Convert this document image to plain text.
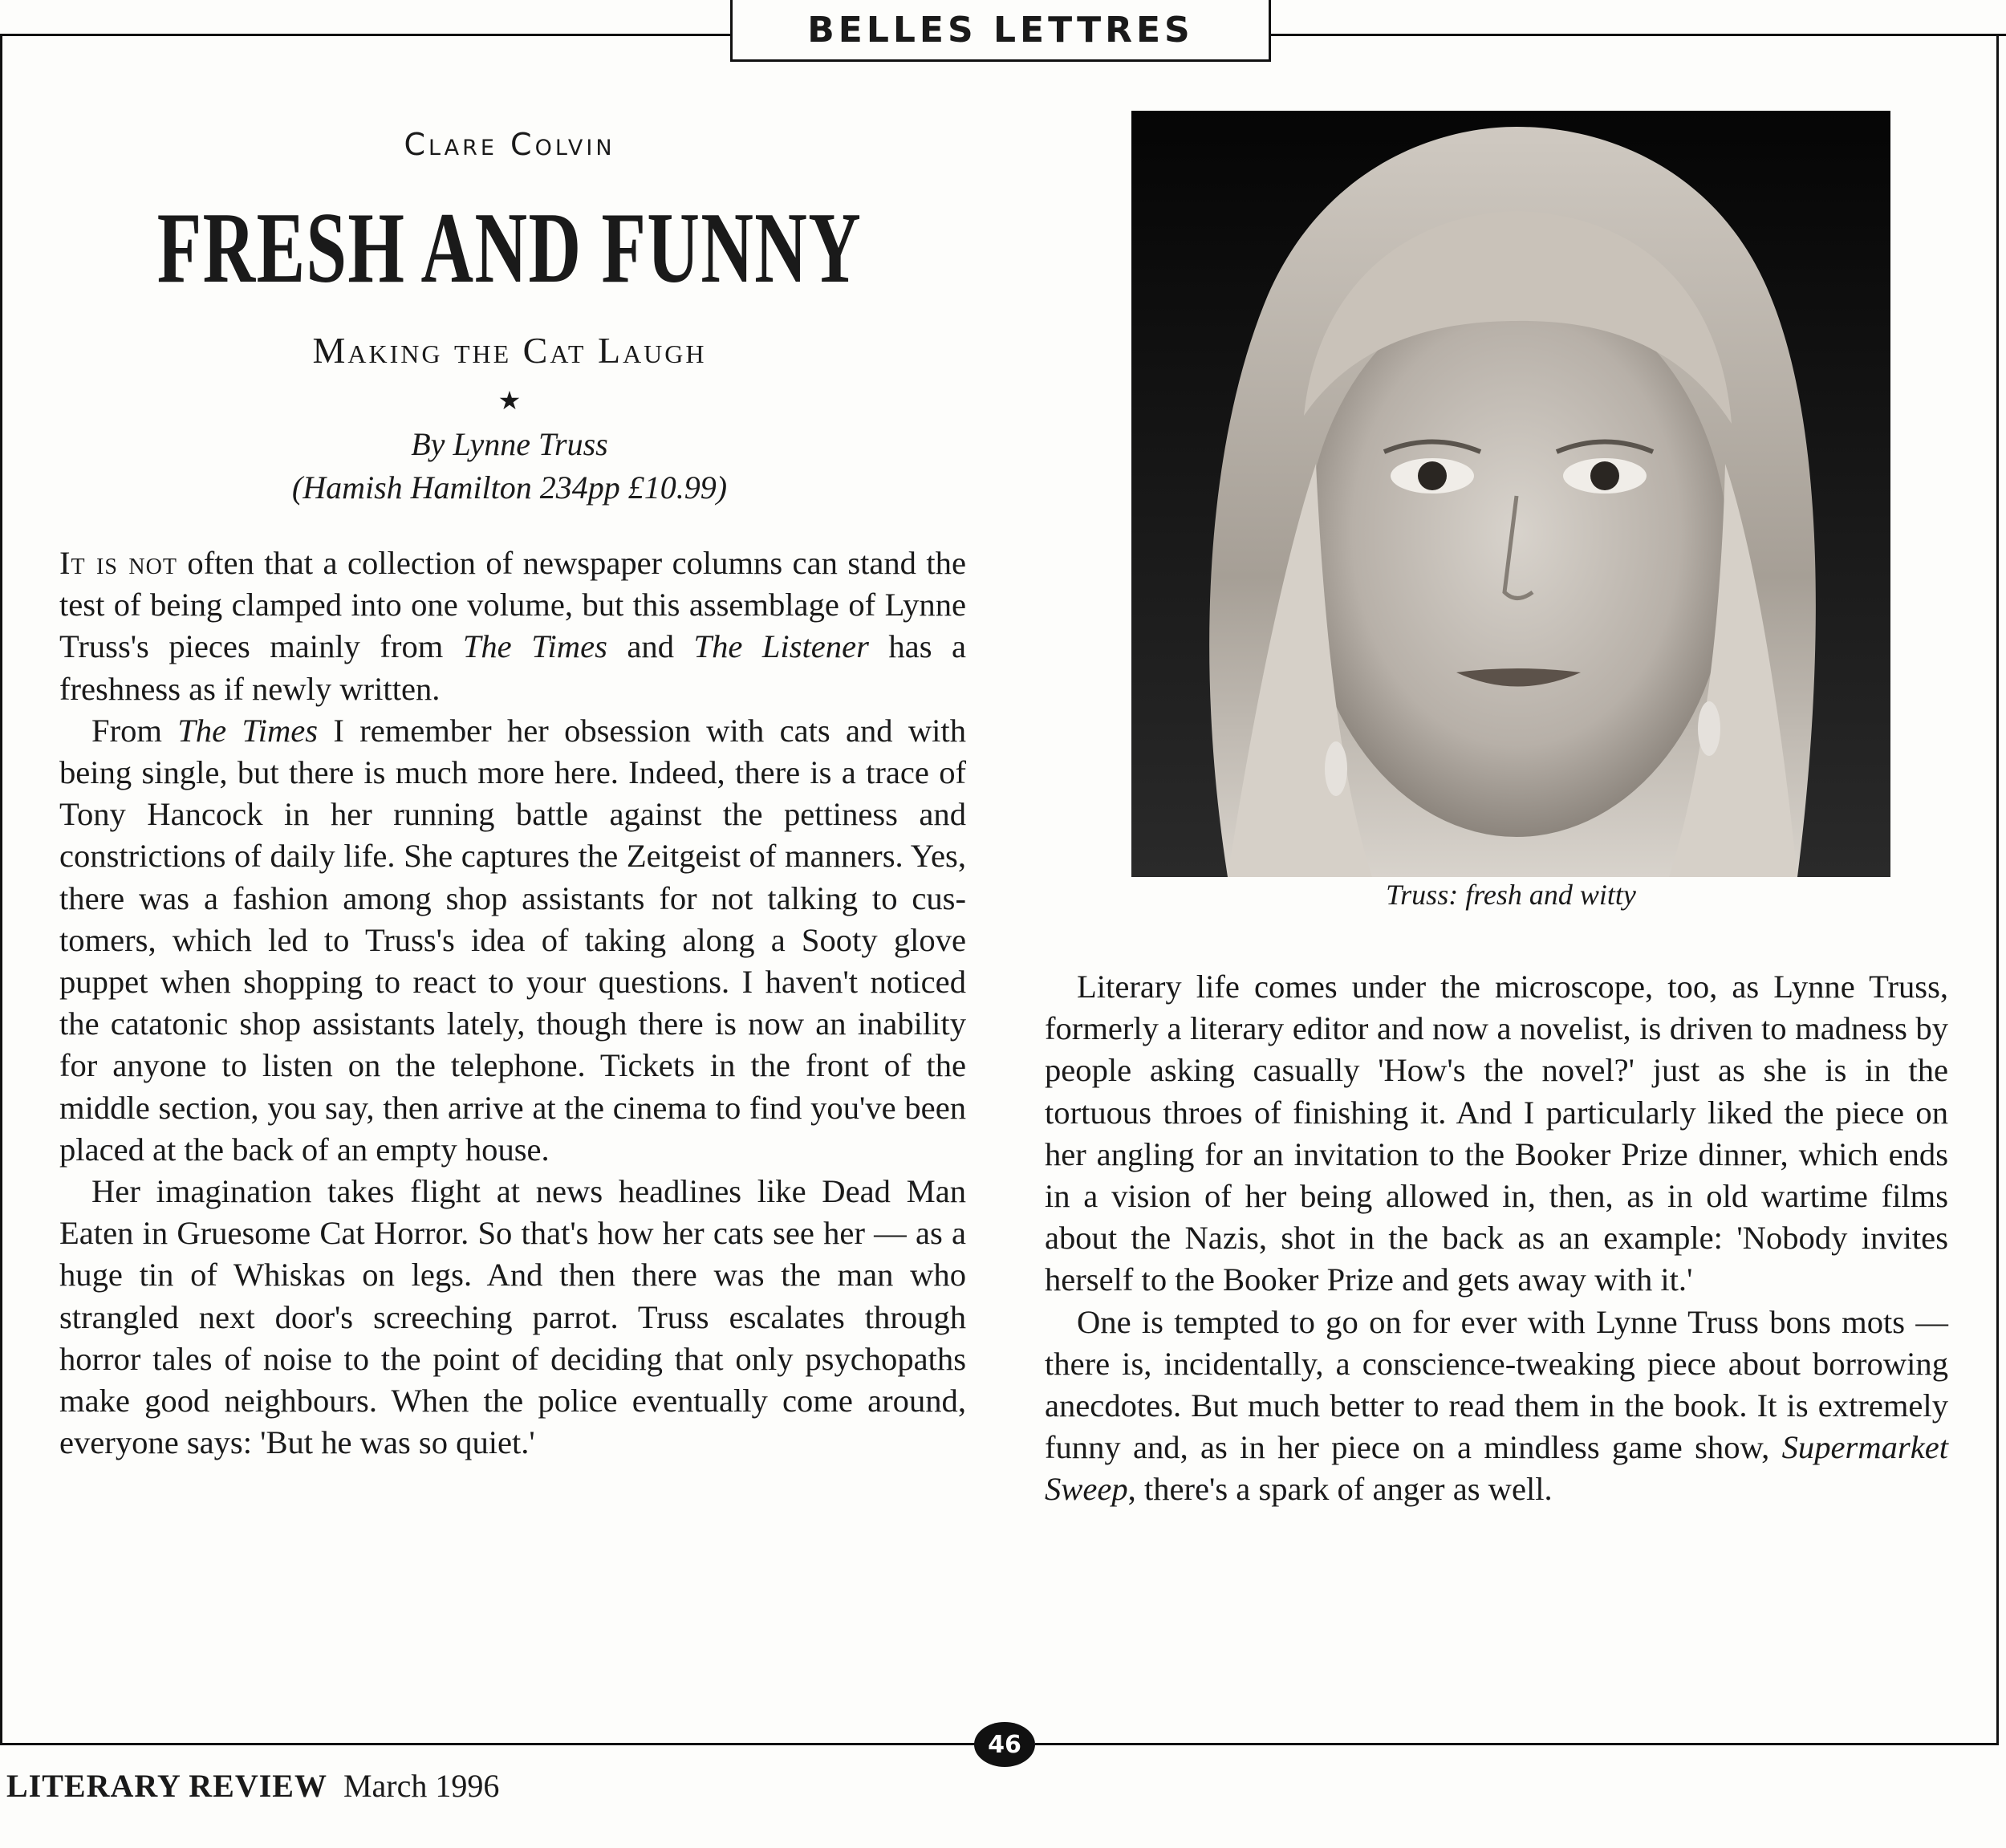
BELLES LETTRES
Clare Colvin
FRESH AND FUNNY
Making the Cat Laugh
★
By Lynne Truss
(Hamish Hamilton 234pp £10.99)

It is not often that a collection of newspaper columns can stand the test of being clamped into one volume, but this assemblage of Lynne Truss's pieces mainly from The Times and The Listener has a freshness as if newly written.

From The Times I remember her obsession with cats and with being single, but there is much more here. Indeed, there is a trace of Tony Hancock in her running battle against the pettiness and constrictions of daily life. She captures the Zeitgeist of manners. Yes, there was a fashion among shop assistants for not talking to customers, which led to Truss's idea of taking along a Sooty glove puppet when shopping to react to your questions. I haven't noticed the catatonic shop assistants lately, though there is now an inability for anyone to listen on the telephone. Tickets in the front of the middle section, you say, then arrive at the cinema to find you've been placed at the back of an empty house.

Her imagination takes flight at news headlines like Dead Man Eaten in Gruesome Cat Horror. So that's how her cats see her — as a huge tin of Whiskas on legs. And then there was the man who strangled next door's screeching parrot. Truss escalates through horror tales of noise to the point of deciding that only psychopaths make good neighbours. When the police eventually come around, everyone says: 'But he was so quiet.'

Truss: fresh and witty

Literary life comes under the microscope, too, as Lynne Truss, formerly a literary editor and now a novelist, is driven to madness by people asking casually 'How's the novel?' just as she is in the tortuous throes of finishing it. And I particularly liked the piece on her angling for an invitation to the Booker Prize dinner, which ends in a vision of her being allowed in, then, as in old wartime films about the Nazis, shot in the back as an example: 'Nobody invites herself to the Booker Prize and gets away with it.'

One is tempted to go on for ever with Lynne Truss bons mots — there is, incidentally, a conscience-tweaking piece about borrowing anecdotes. But much better to read them in the book. It is extremely funny and, as in her piece on a mindless game show, Supermarket Sweep, there's a spark of anger as well.

46
LITERARY REVIEW March 1996
